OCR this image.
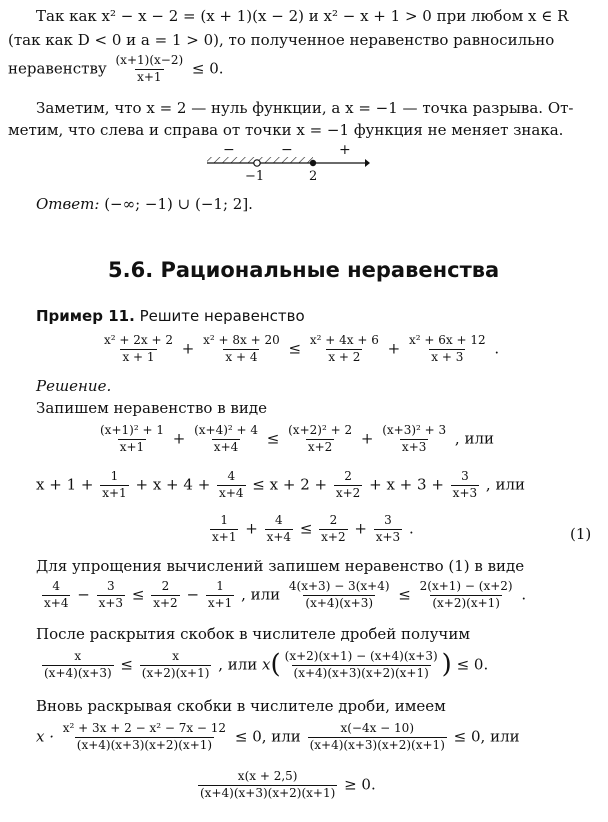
Так как x² − x − 2 = (x + 1)(x − 2) и x² − x + 1 > 0 при любом x ∈ R
(так как D < 0 и a = 1 > 0), то полученное неравенство равносильно
неравенству $\frac{(x+1)(x-2)}{x+1} \le 0$.
Заметим, что x = 2 — нуль функции, а x = −1 — точка разрыва. От-
метим, что слева и справа от точки x = −1 функция не меняет знака.
−	−	+
−1	2
Ответ: (−∞; −1) ∪ (−1; 2].
5.6. Рациональные неравенства
Пример 11. Решите неравенство
$\frac{\text{x² + 2x + 2}}{x + 1} + \frac{\text{x² + 8x + 20}}{x + 4} \le \frac{\text{x² + 4x + 6}}{x + 2} + \frac{\text{x² + 6x + 12}}{x + 3}$ .
Решение.
Запишем неравенство в виде
$\frac{\text{(x+1)² + 1}}{x+1} + \frac{\text{(x+4)² + 4}}{x+4} \le \frac{\text{(x+2)² + 2}}{x+2} + \frac{\text{(x+3)² + 3}}{x+3}$ , или
$x + 1 + \frac{1}{x+1} + x + 4 + \frac{4}{x+4} \le x + 2 + \frac{2}{x+2} + x + 3 + \frac{3}{x+3}$ , или
$\frac{1}{x+1} + \frac{4}{x+4} \le \frac{2}{x+2} + \frac{3}{x+3}$ .	(1)
Для упрощения вычислений запишем неравенство (1) в виде
$\frac{4}{x+4} - \frac{3}{x+3} \le \frac{2}{x+2} - \frac{1}{x+1}$ , или $\frac{4(x+3) - 3(x+4)}{(x+4)(x+3)} \le \frac{2(x+1) - (x+2)}{(x+2)(x+1)}$ .
После раскрытия скобок в числителе дробей получим
$\frac{x}{(x+4)(x+3)} \le \frac{x}{(x+2)(x+1)}$ , или $x( \frac{(x+2)(x+1) - (x+4)(x+3)}{(x+4)(x+3)(x+2)(x+1)}$ ) ≤ 0.
Вновь раскрывая скобки в числителе дроби, имеем
$x \cdot \frac{\text{x² + 3x + 2 − x² − 7x − 12}}{(x+4)(x+3)(x+2)(x+1)} \le 0$, или $\frac{x(-4x - 10)}{(x+4)(x+3)(x+2)(x+1)} \le 0$, или
$\frac{x(x + 2,5)}{(x+4)(x+3)(x+2)(x+1)} \ge 0$.
